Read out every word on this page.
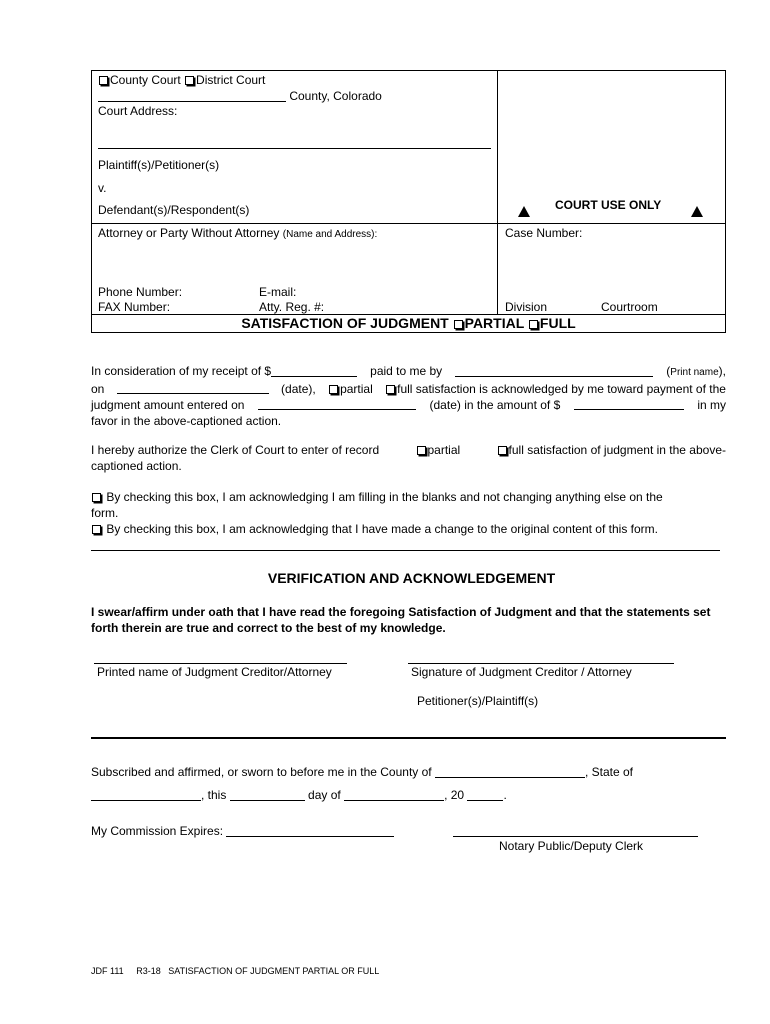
County Court District Court
County, Colorado
Court Address:
Plaintiff(s)/Petitioner(s)
v.
Defendant(s)/Respondent(s)	COURT USE ONLY
Attorney or Party Without Attorney (Name and Address):	Case Number:
Phone Number:	E-mail:
FAX Number:	Atty. Reg. #:	Division	Courtroom
SATISFACTION OF JUDGMENT PARTIAL FULL
In consideration of my receipt of $	paid to me by	(Print name),
on	(date),	partial	full satisfaction is acknowledged by me toward payment of the
judgment amount entered on	(date) in the amount of $	in my
favor in the above-captioned action.
I hereby authorize the Clerk of Court to enter of record	partial	full satisfaction of judgment in the above-
captioned action.
By checking this box, I am acknowledging I am filling in the blanks and not changing anything else on the
form.
By checking this box, I am acknowledging that I have made a change to the original content of this form.
VERIFICATION AND ACKNOWLEDGEMENT
I swear/affirm under oath that I have read the foregoing Satisfaction of Judgment and that the statements set forth therein are true and correct to the best of my knowledge.
Printed name of Judgment Creditor/Attorney	Signature of Judgment Creditor / Attorney
Petitioner(s)/Plaintiff(s)
Subscribed and affirmed, or sworn to before me in the County of	, State of
, this	day of	, 20	.
My Commission Expires:
Notary Public/Deputy Clerk
JDF 111 R3-18 SATISFACTION OF JUDGMENT PARTIAL OR FULL
